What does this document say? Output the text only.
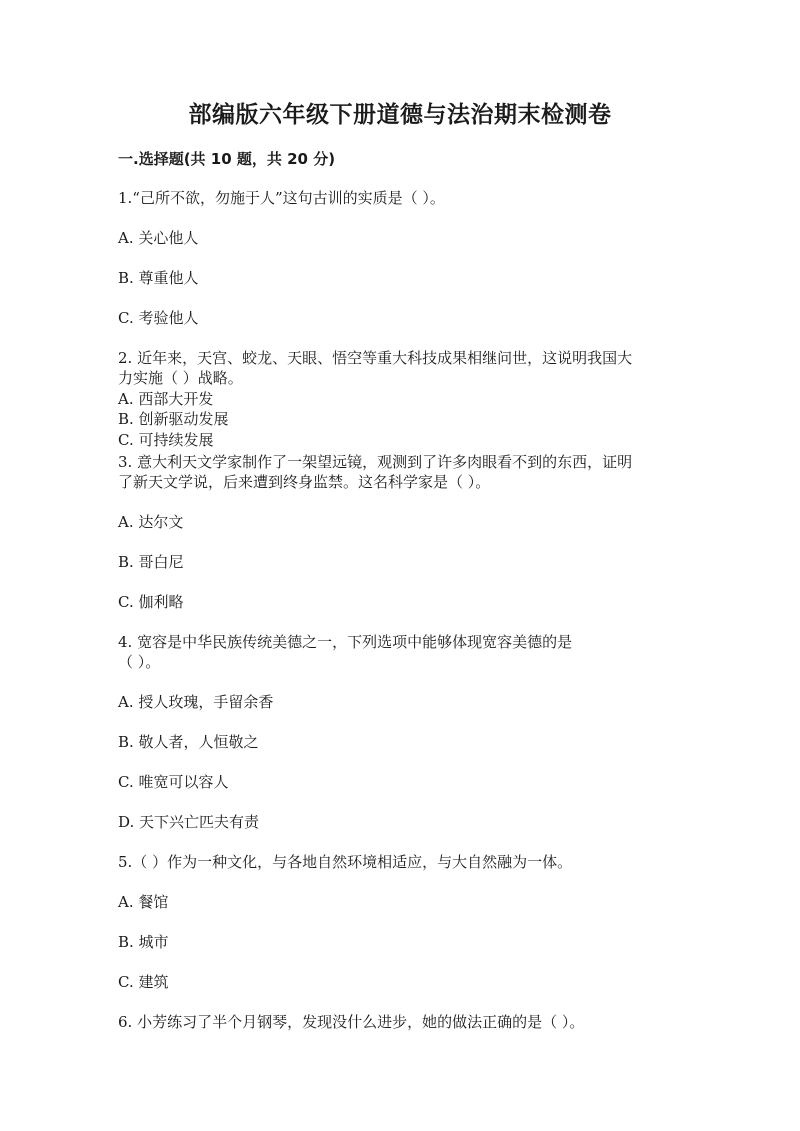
部编版六年级下册道德与法治期末检测卷
一.选择题(共 10 题，共 20 分)
1.“己所不欲，勿施于人”这句古训的实质是（ ）。
A. 关心他人
B. 尊重他人
C. 考验他人
2. 近年来，天宫、蛟龙、天眼、悟空等重大科技成果相继问世，这说明我国大
力实施（ ）战略。
A. 西部大开发
B. 创新驱动发展
C. 可持续发展
3. 意大利天文学家制作了一架望远镜，观测到了许多肉眼看不到的东西，证明
了新天文学说，后来遭到终身监禁。这名科学家是（ ）。
A. 达尔文
B. 哥白尼
C. 伽利略
4. 宽容是中华民族传统美德之一，下列选项中能够体现宽容美德的是
（ ）。
A. 授人玫瑰，手留余香
B. 敬人者，人恒敬之
C. 唯宽可以容人
D. 天下兴亡匹夫有责
5.（ ）作为一种文化，与各地自然环境相适应，与大自然融为一体。
A. 餐馆
B. 城市
C. 建筑
6. 小芳练习了半个月钢琴，发现没什么进步，她的做法正确的是（ ）。
